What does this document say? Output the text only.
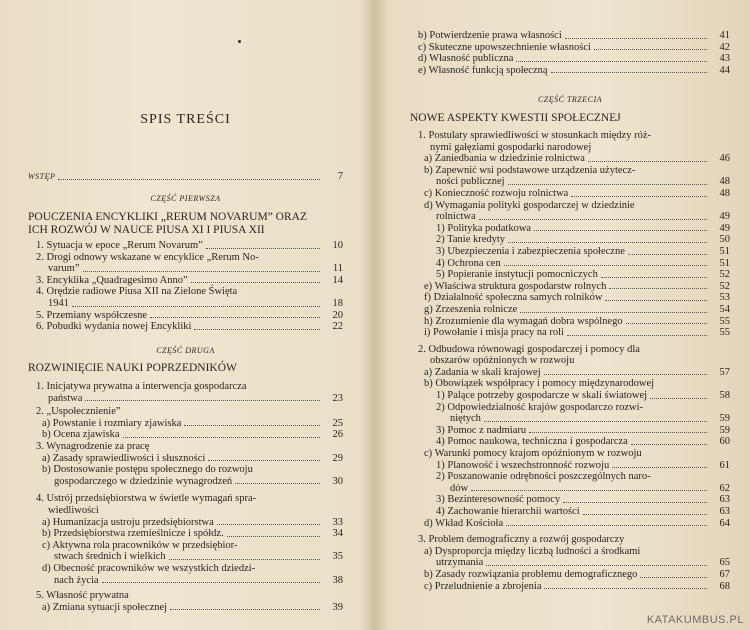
SPIS TREŚCI
WSTĘP	7
CZĘŚĆ PIERWSZA
POUCZENIA ENCYKLIKI „RERUM NOVARUM” ORAZ
ICH ROZWÓJ W NAUCE PIUSA XI I PIUSA XII
1. Sytuacja w epoce „Rerum Novarum”	10
2. Drogi odnowy wskazane w encyklice „Rerum No-
varum”	11
3. Encyklika „Quadragesimo Anno”	14
4. Orędzie radiowe Piusa XII na Zielone Święta
1941	18
5. Przemiany współczesne	20
6. Pobudki wydania nowej Encykliki	22
CZĘŚĆ DRUGA
ROZWINIĘCIE NAUKI POPRZEDNIKÓW
1. Inicjatywa prywatna a interwencja gospodarcza
państwa	23
2. „Uspołecznienie”
a) Powstanie i rozmiary zjawiska	25
b) Ocena zjawiska	26
3. Wynagrodzenie za pracę
a) Zasady sprawiedliwości i słuszności	29
b) Dostosowanie postępu społecznego do rozwoju
gospodarczego w dziedzinie wynagrodzeń	30
4. Ustrój przedsiębiorstwa w świetle wymagań spra-
wiedliwości
a) Humanizacja ustroju przedsiębiorstwa	33
b) Przedsiębiorstwa rzemieślnicze i spółdz.	34
c) Aktywna rola pracowników w przedsiębior-
stwach średnich i wielkich	35
d) Obecność pracowników we wszystkich dziedzi-
nach życia	38
5. Własność prywatna
a) Zmiana sytuacji społecznej	39
b) Potwierdzenie prawa własności	41
c) Skuteczne upowszechnienie własności	42
d) Własność publiczna	43
e) Własność funkcją społeczną	44
CZĘŚĆ TRZECIA
NOWE ASPEKTY KWESTII SPOŁECZNEJ
1. Postulaty sprawiedliwości w stosunkach między róż-
nymi gałęziami gospodarki narodowej
a) Zaniedbania w dziedzinie rolnictwa	46
b) Zapewnić wsi podstawowe urządzenia użytecz-
ności publicznej	48
c) Konieczność rozwoju rolnictwa	48
d) Wymagania polityki gospodarczej w dziedzinie
rolnictwa	49
1) Polityka podatkowa	49
2) Tanie kredyty	50
3) Ubezpieczenia i zabezpieczenia społeczne	51
4) Ochrona cen	51
5) Popieranie instytucji pomocniczych	52
e) Właściwa struktura gospodarstw rolnych	52
f) Działalność społeczna samych rolników	53
g) Zrzeszenia rolnicze	54
h) Zrozumienie dla wymagań dobra wspólnego	55
i) Powołanie i misja pracy na roli	55
2. Odbudowa równowagi gospodarczej i pomocy dla
obszarów opóźnionych w rozwoju
a) Zadania w skali krajowej	57
b) Obowiązek współpracy i pomocy międzynarodowej
1) Palące potrzeby gospodarcze w skali światowej	58
2) Odpowiedzialność krajów gospodarczo rozwi-
niętych	59
3) Pomoc z nadmiaru	59
4) Pomoc naukowa, techniczna i gospodarcza	60
c) Warunki pomocy krajom opóźnionym w rozwoju
1) Planowość i wszechstronność rozwoju	61
2) Poszanowanie odrębności poszczególnych naro-
dów	62
3) Bezinteresowność pomocy	63
4) Zachowanie hierarchii wartości	63
d) Wkład Kościoła	64
3. Problem demograficzny a rozwój gospodarczy
a) Dysproporcja między liczbą ludności a środkami
utrzymania	65
b) Zasady rozwiązania problemu demograficznego	67
c) Przeludnienie a zbrojenia	68
KATAKUMBUS.PL
